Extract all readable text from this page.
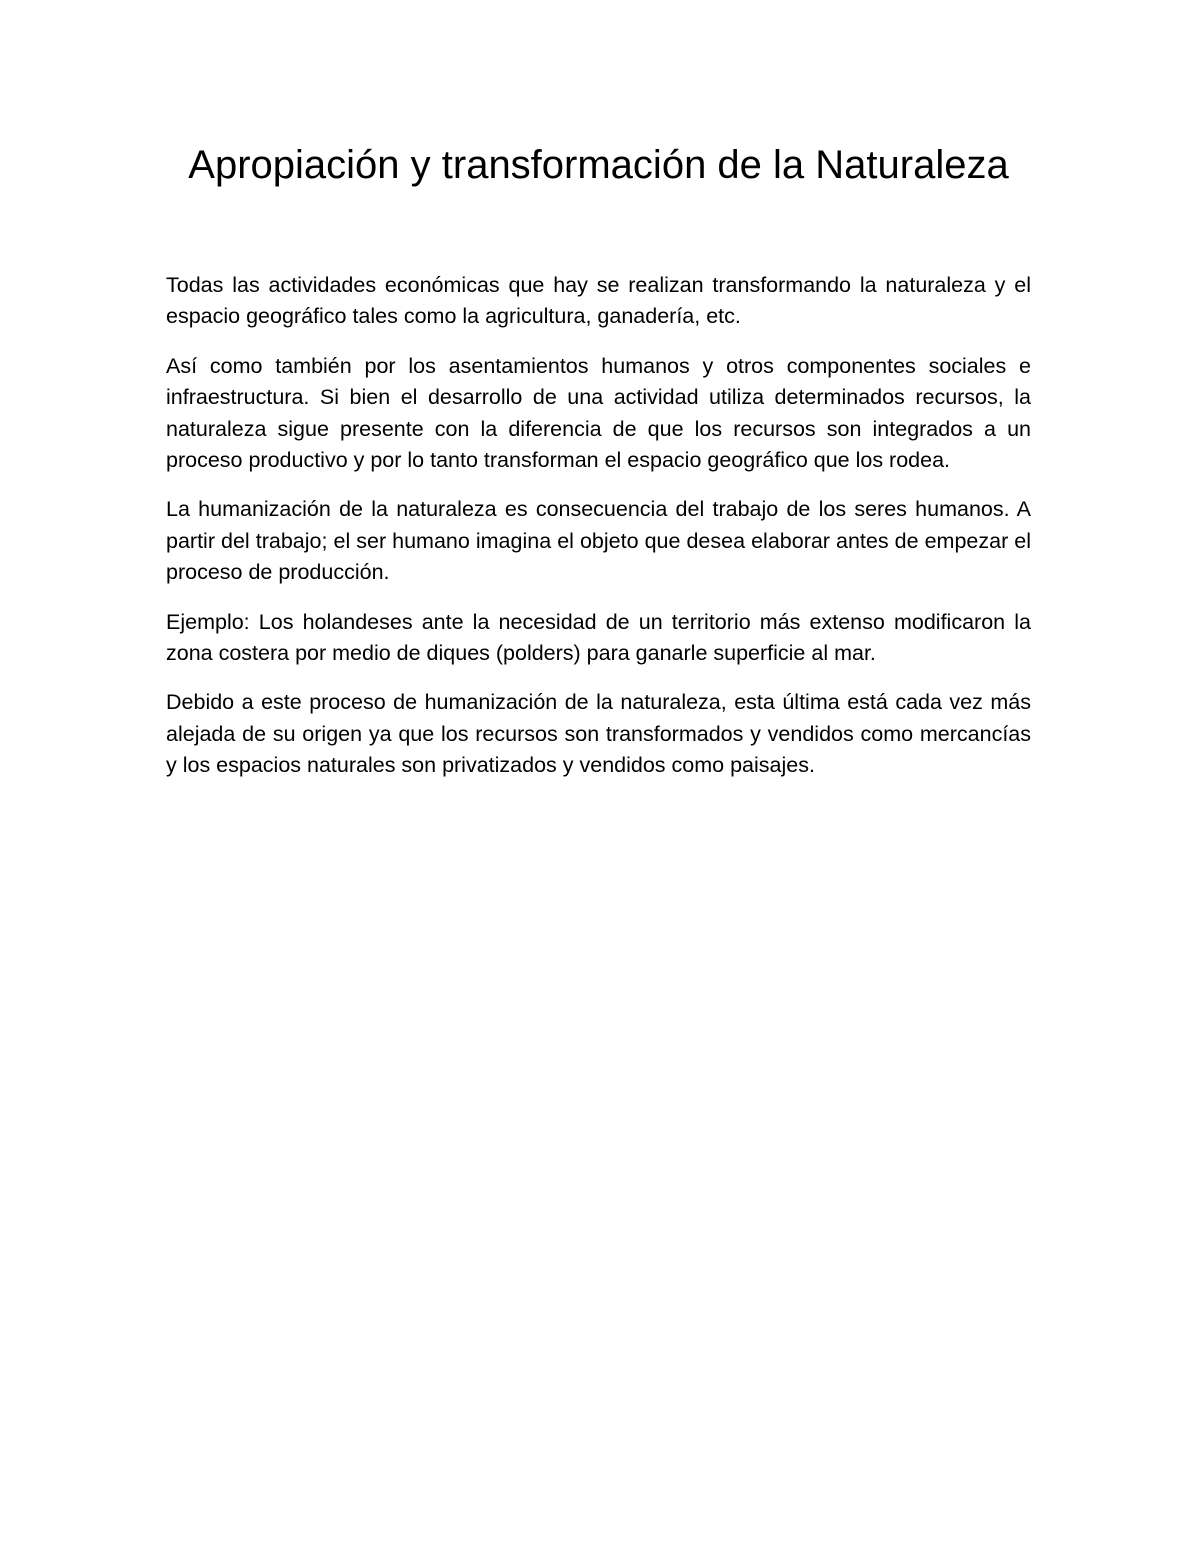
Apropiación y transformación de la Naturaleza

Todas las actividades económicas que hay se realizan transformando la naturaleza y el espacio geográfico tales como la agricultura, ganadería, etc.

Así como también por los asentamientos humanos y otros componentes sociales e infraestructura. Si bien el desarrollo de una actividad utiliza determinados recursos, la naturaleza sigue presente con la diferencia de que los recursos son integrados a un proceso productivo y por lo tanto transforman el espacio geográfico que los rodea.

La humanización de la naturaleza es consecuencia del trabajo de los seres humanos. A partir del trabajo; el ser humano imagina el objeto que desea elaborar antes de empezar el proceso de producción.

Ejemplo: Los holandeses ante la necesidad de un territorio más extenso modificaron la zona costera por medio de diques (polders) para ganarle superficie al mar.

Debido a este proceso de humanización de la naturaleza, esta última está cada vez más alejada de su origen ya que los recursos son transformados y vendidos como mercancías y los espacios naturales son privatizados y vendidos como paisajes.
